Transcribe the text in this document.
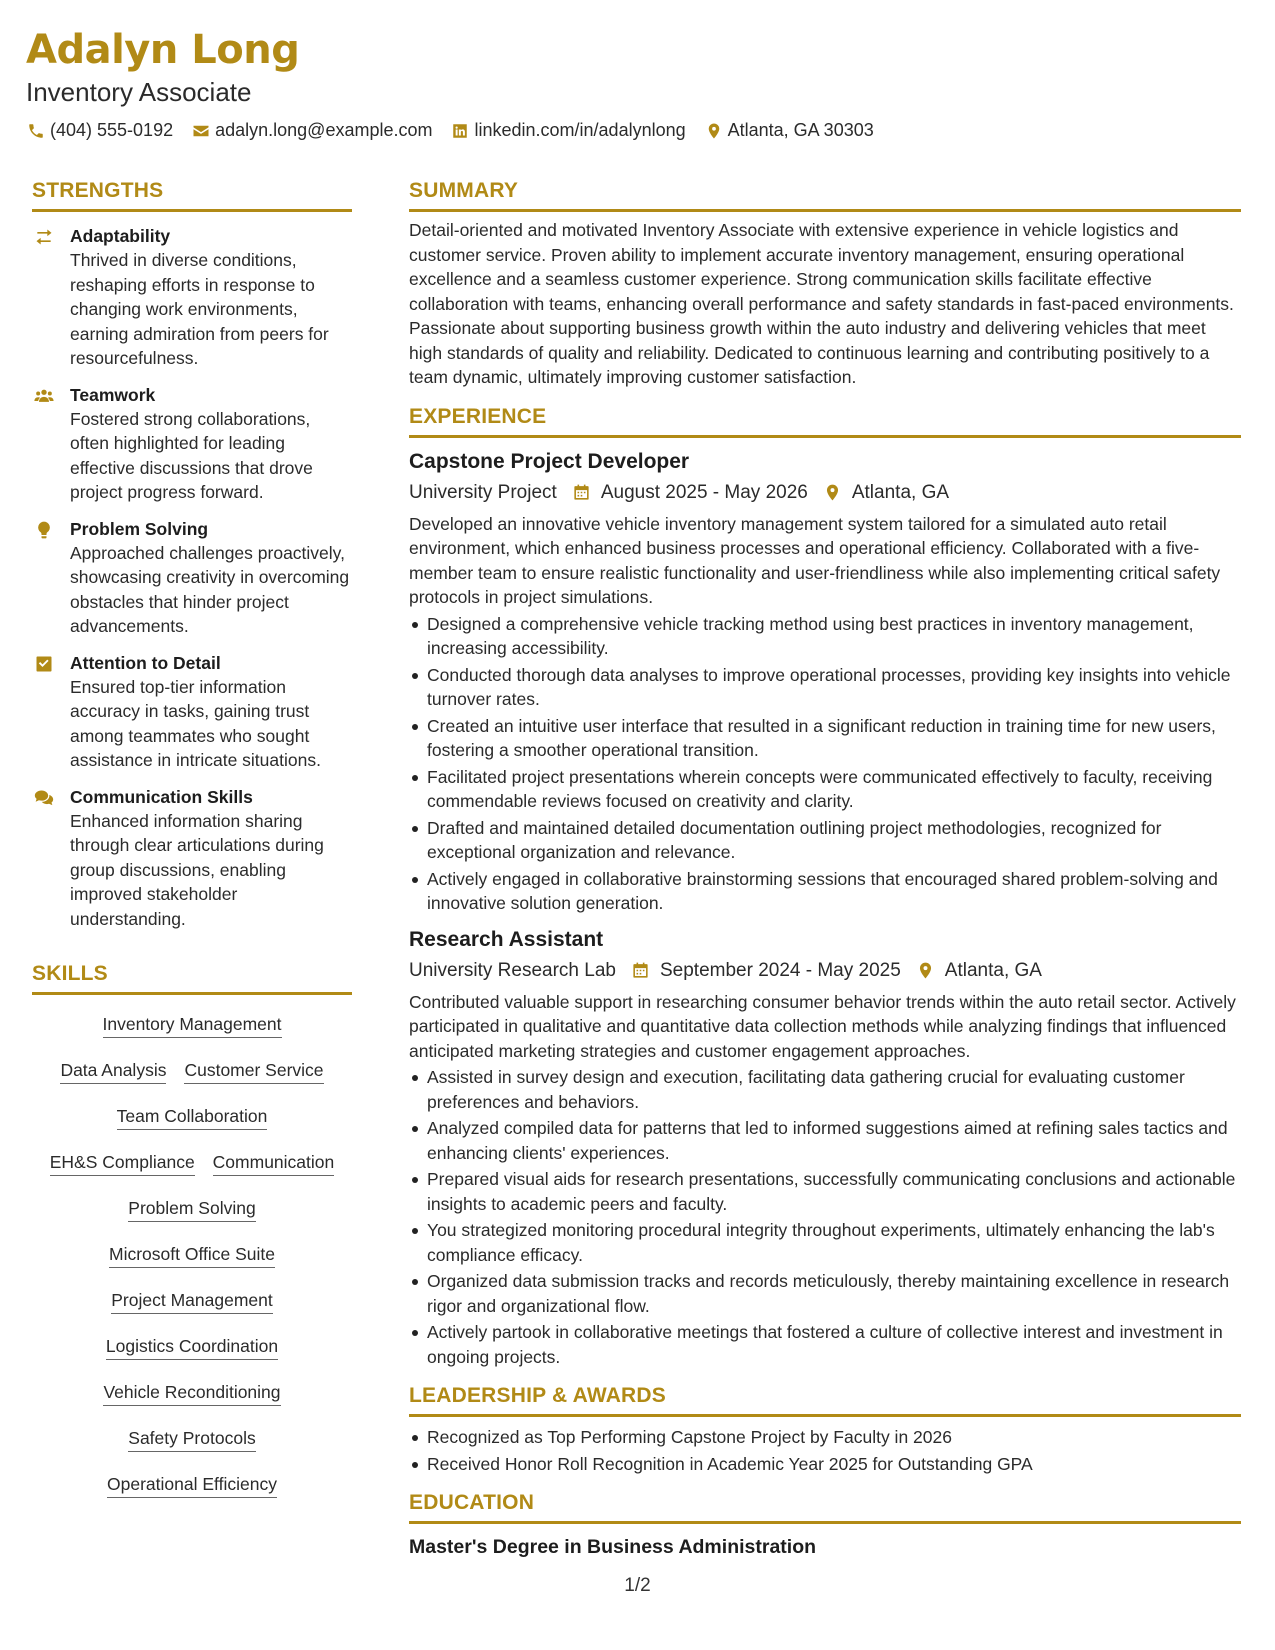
Adalyn Long
Inventory Associate
(404) 555-0192 adalyn.long@example.com linkedin.com/in/adalynlong Atlanta, GA 30303
STRENGTHS
Adaptability
Thrived in diverse conditions, reshaping efforts in response to changing work environments, earning admiration from peers for resourcefulness.
Teamwork
Fostered strong collaborations, often highlighted for leading effective discussions that drove project progress forward.
Problem Solving
Approached challenges proactively, showcasing creativity in overcoming obstacles that hinder project advancements.
Attention to Detail
Ensured top-tier information accuracy in tasks, gaining trust among teammates who sought assistance in intricate situations.
Communication Skills
Enhanced information sharing through clear articulations during group discussions, enabling improved stakeholder understanding.
SKILLS
Inventory Management
Data Analysis Customer Service
Team Collaboration
EH&S Compliance Communication
Problem Solving
Microsoft Office Suite
Project Management
Logistics Coordination
Vehicle Reconditioning
Safety Protocols
Operational Efficiency
SUMMARY
Detail-oriented and motivated Inventory Associate with extensive experience in vehicle logistics and customer service. Proven ability to implement accurate inventory management, ensuring operational excellence and a seamless customer experience. Strong communication skills facilitate effective collaboration with teams, enhancing overall performance and safety standards in fast-paced environments. Passionate about supporting business growth within the auto industry and delivering vehicles that meet high standards of quality and reliability. Dedicated to continuous learning and contributing positively to a team dynamic, ultimately improving customer satisfaction.
EXPERIENCE
Capstone Project Developer
University Project August 2025 - May 2026 Atlanta, GA
Developed an innovative vehicle inventory management system tailored for a simulated auto retail environment, which enhanced business processes and operational efficiency. Collaborated with a five-member team to ensure realistic functionality and user-friendliness while also implementing critical safety protocols in project simulations.
Designed a comprehensive vehicle tracking method using best practices in inventory management, increasing accessibility.
Conducted thorough data analyses to improve operational processes, providing key insights into vehicle turnover rates.
Created an intuitive user interface that resulted in a significant reduction in training time for new users, fostering a smoother operational transition.
Facilitated project presentations wherein concepts were communicated effectively to faculty, receiving commendable reviews focused on creativity and clarity.
Drafted and maintained detailed documentation outlining project methodologies, recognized for exceptional organization and relevance.
Actively engaged in collaborative brainstorming sessions that encouraged shared problem-solving and innovative solution generation.
Research Assistant
University Research Lab September 2024 - May 2025 Atlanta, GA
Contributed valuable support in researching consumer behavior trends within the auto retail sector. Actively participated in qualitative and quantitative data collection methods while analyzing findings that influenced anticipated marketing strategies and customer engagement approaches.
Assisted in survey design and execution, facilitating data gathering crucial for evaluating customer preferences and behaviors.
Analyzed compiled data for patterns that led to informed suggestions aimed at refining sales tactics and enhancing clients' experiences.
Prepared visual aids for research presentations, successfully communicating conclusions and actionable insights to academic peers and faculty.
You strategized monitoring procedural integrity throughout experiments, ultimately enhancing the lab's compliance efficacy.
Organized data submission tracks and records meticulously, thereby maintaining excellence in research rigor and organizational flow.
Actively partook in collaborative meetings that fostered a culture of collective interest and investment in ongoing projects.
LEADERSHIP & AWARDS
Recognized as Top Performing Capstone Project by Faculty in 2026
Received Honor Roll Recognition in Academic Year 2025 for Outstanding GPA
EDUCATION
Master's Degree in Business Administration
1/2
